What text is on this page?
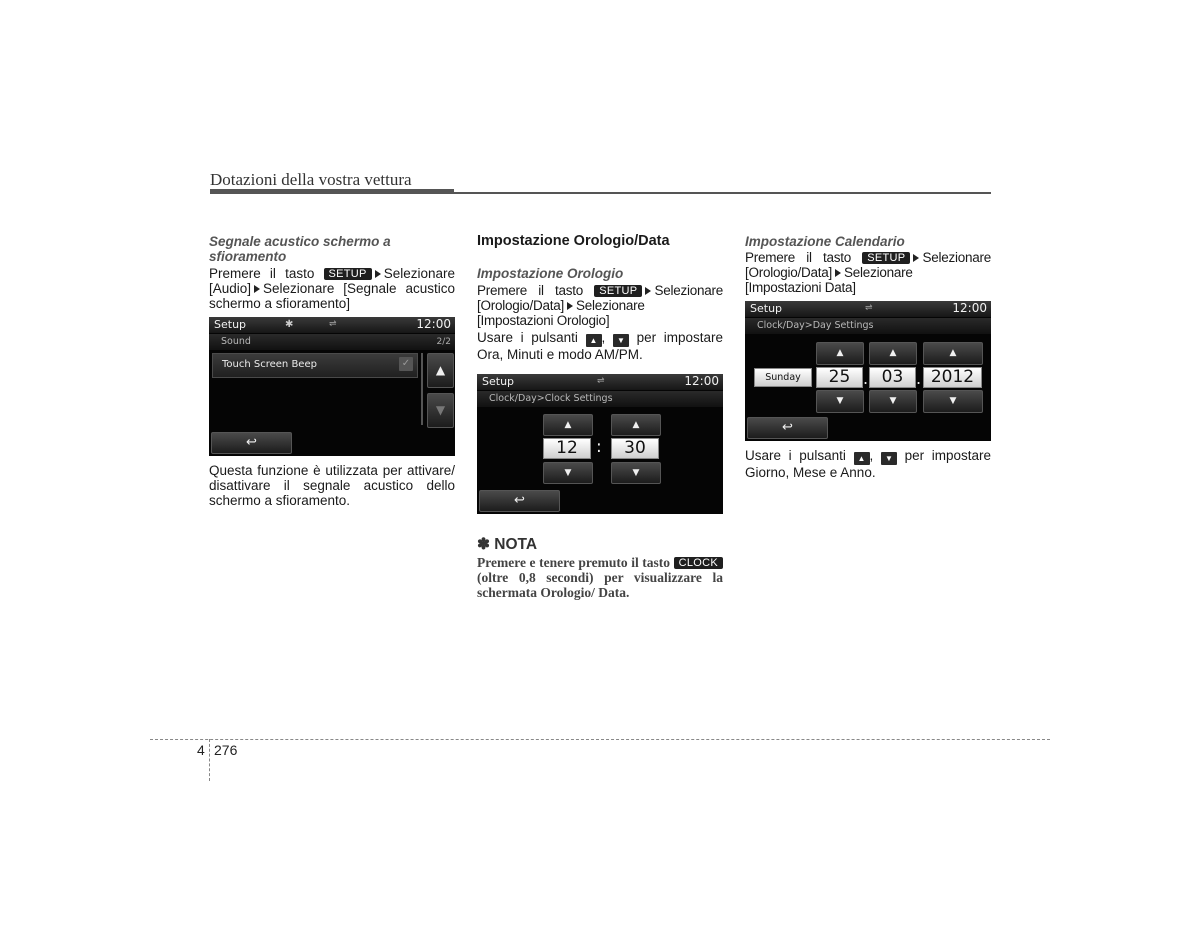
Dotazioni della vostra vettura

Segnale acustico schermo a sfioramento

Premere il tasto SETUP Selezionare [Audio] Selezionare [Segnale acustico schermo a sfioramento]

Setup	✱	⇌	12:00
Sound	2/2
Touch Screen Beep	✓	▲
▼
↩

Questa funzione è utilizzata per attivare/ disattivare il segnale acustico dello schermo a sfioramento.

Impostazione Orologio/Data

Impostazione Orologio

Premere il tasto SETUP Selezionare [Orologio/Data] Selezionare [Impostazioni Orologio]

Usare i pulsanti ▲ , ▼ per impostare Ora, Minuti e modo AM/PM.

Setup	⇌	12:00
Clock/Day>Clock Settings
▲	▲
12	:	30
▼	▼
↩

✽ NOTA

Premere e tenere premuto il tasto CLOCK (oltre 0,8 secondi) per visualizzare la schermata Orologio/ Data.

Impostazione Calendario

Premere il tasto SETUP Selezionare [Orologio/Data] Selezionare [Impostazioni Data]

Setup	⇌	12:00
Clock/Day>Day Settings
▲	▲	▲
Sunday	25 . 03 . 2012
▼	▼	▼
↩

Usare i pulsanti ▲ , ▼ per impostare Giorno, Mese e Anno.

4 276
